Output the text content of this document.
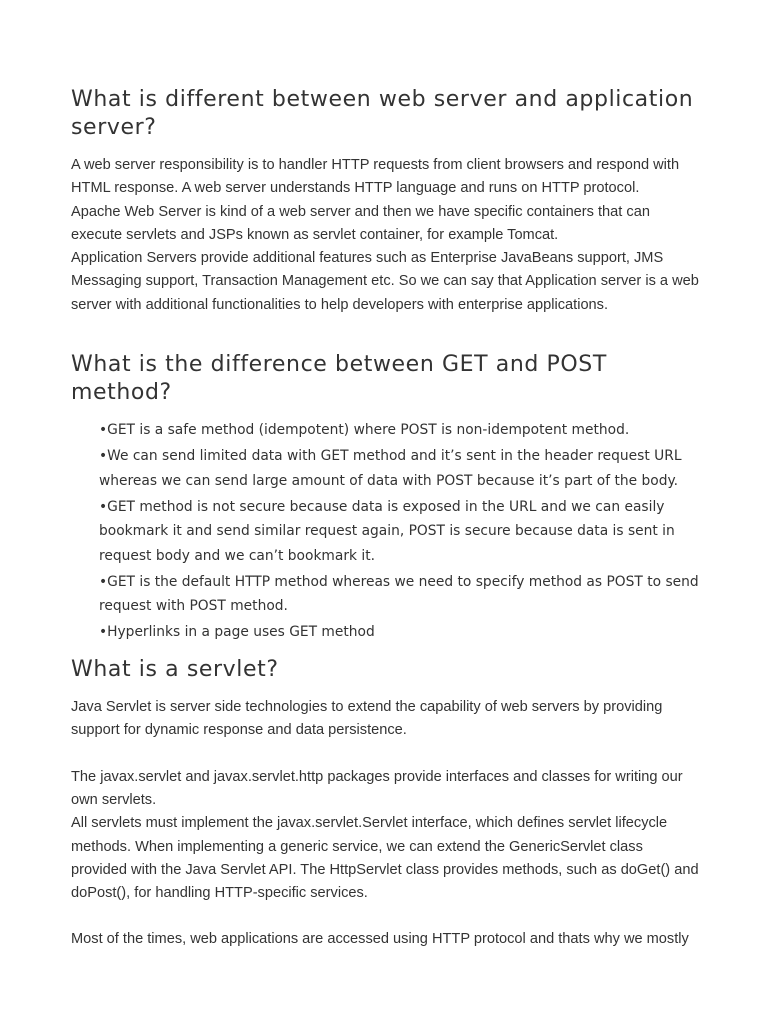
What is different between web server and application server?

A web server responsibility is to handler HTTP requests from client browsers and respond with HTML response. A web server understands HTTP language and runs on HTTP protocol.

Apache Web Server is kind of a web server and then we have specific containers that can execute servlets and JSPs known as servlet container, for example Tomcat.

Application Servers provide additional features such as Enterprise JavaBeans support, JMS Messaging support, Transaction Management etc. So we can say that Application server is a web server with additional functionalities to help developers with enterprise applications.

What is the difference between GET and POST method?
•GET is a safe method (idempotent) where POST is non-idempotent method.
•We can send limited data with GET method and it’s sent in the header request URL whereas we can send large amount of data with POST because it’s part of the body.
•GET method is not secure because data is exposed in the URL and we can easily bookmark it and send similar request again, POST is secure because data is sent in request body and we can’t bookmark it.
•GET is the default HTTP method whereas we need to specify method as POST to send request with POST method.
•Hyperlinks in a page uses GET method
What is a servlet?

Java Servlet is server side technologies to extend the capability of web servers by providing support for dynamic response and data persistence.

The javax.servlet and javax.servlet.http packages provide interfaces and classes for writing our own servlets.

All servlets must implement the javax.servlet.Servlet interface, which defines servlet lifecycle methods. When implementing a generic service, we can extend the GenericServlet class provided with the Java Servlet API. The HttpServlet class provides methods, such as doGet() and doPost(), for handling HTTP-specific services.

Most of the times, web applications are accessed using HTTP protocol and thats why we mostly
